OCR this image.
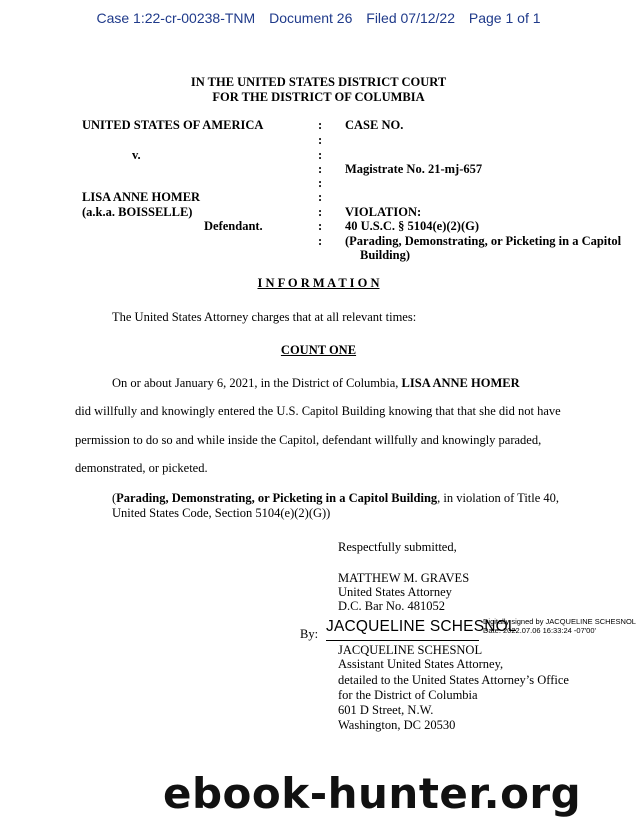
Case 1:22-cr-00238-TNM Document 26 Filed 07/12/22 Page 1 of 1
IN THE UNITED STATES DISTRICT COURT
FOR THE DISTRICT OF COLUMBIA
UNITED STATES OF AMERICA
v.
LISA ANNE HOMER
(a.k.a. BOISSELLE)
Defendant.
:
:
:
:
:
:
:
:
:
CASE NO.
Magistrate No. 21-mj-657
VIOLATION:
40 U.S.C. § 5104(e)(2)(G)
(Parading, Demonstrating, or Picketing in a Capitol
Building)
I N F O R M A T I O N
The United States Attorney charges that at all relevant times:
COUNT ONE
On or about January 6, 2021, in the District of Columbia, LISA ANNE HOMER
did willfully and knowingly entered the U.S. Capitol Building knowing that that she did not have
permission to do so and while inside the Capitol, defendant willfully and knowingly paraded,
demonstrated, or picketed.
(Parading, Demonstrating, or Picketing in a Capitol Building, in violation of Title 40,
United States Code, Section 5104(e)(2)(G))
Respectfully submitted,
MATTHEW M. GRAVES
United States Attorney
D.C. Bar No. 481052
By: JACQUELINE SCHESNOL
Digitally signed by JACQUELINE SCHESNOL
Date: 2022.07.06 16:33:24 -07'00'
JACQUELINE SCHESNOL
Assistant United States Attorney,
detailed to the United States Attorney’s Office
for the District of Columbia
601 D Street, N.W.
Washington, DC 20530
ebook-hunter.org
